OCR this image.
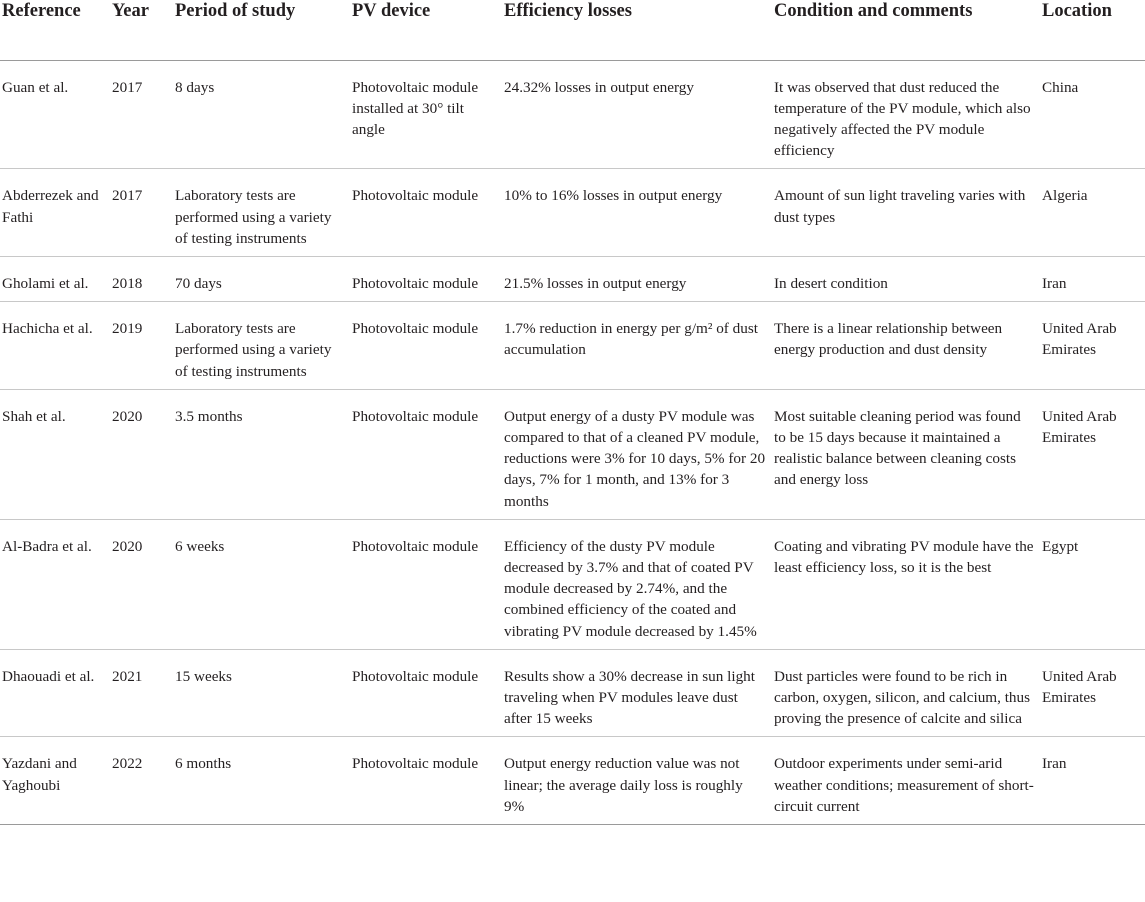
Reference	Year	Period of study	PV device	Efficiency losses	Condition and comments	Location
Guan et al.	2017	8 days	Photovoltaic module installed at 30° tilt angle	24.32% losses in output energy	It was observed that dust reduced the temperature of the PV module, which also negatively affected the PV module efficiency	China
Abderrezek and Fathi	2017	Laboratory tests are performed using a variety of testing instruments	Photovoltaic module	10% to 16% losses in output energy	Amount of sun light traveling varies with dust types	Algeria
Gholami et al.	2018	70 days	Photovoltaic module	21.5% losses in output energy	In desert condition	Iran
Hachicha et al.	2019	Laboratory tests are performed using a variety of testing instruments	Photovoltaic module	1.7% reduction in energy per g/m² of dust accumulation	There is a linear relationship between energy production and dust density	United Arab Emirates
Shah et al.	2020	3.5 months	Photovoltaic module	Output energy of a dusty PV module was compared to that of a cleaned PV module, reductions were 3% for 10 days, 5% for 20 days, 7% for 1 month, and 13% for 3 months	Most suitable cleaning period was found to be 15 days because it maintained a realistic balance between cleaning costs and energy loss	United Arab Emirates
Al-Badra et al.	2020	6 weeks	Photovoltaic module	Efficiency of the dusty PV module decreased by 3.7% and that of coated PV module decreased by 2.74%, and the combined efficiency of the coated and vibrating PV module decreased by 1.45%	Coating and vibrating PV module have the least efficiency loss, so it is the best	Egypt
Dhaouadi et al.	2021	15 weeks	Photovoltaic module	Results show a 30% decrease in sun light traveling when PV modules leave dust after 15 weeks	Dust particles were found to be rich in carbon, oxygen, silicon, and calcium, thus proving the presence of calcite and silica	United Arab Emirates
Yazdani and Yaghoubi	2022	6 months	Photovoltaic module	Output energy reduction value was not linear; the average daily loss is roughly 9%	Outdoor experiments under semi-arid weather conditions; measurement of short-circuit current	Iran
